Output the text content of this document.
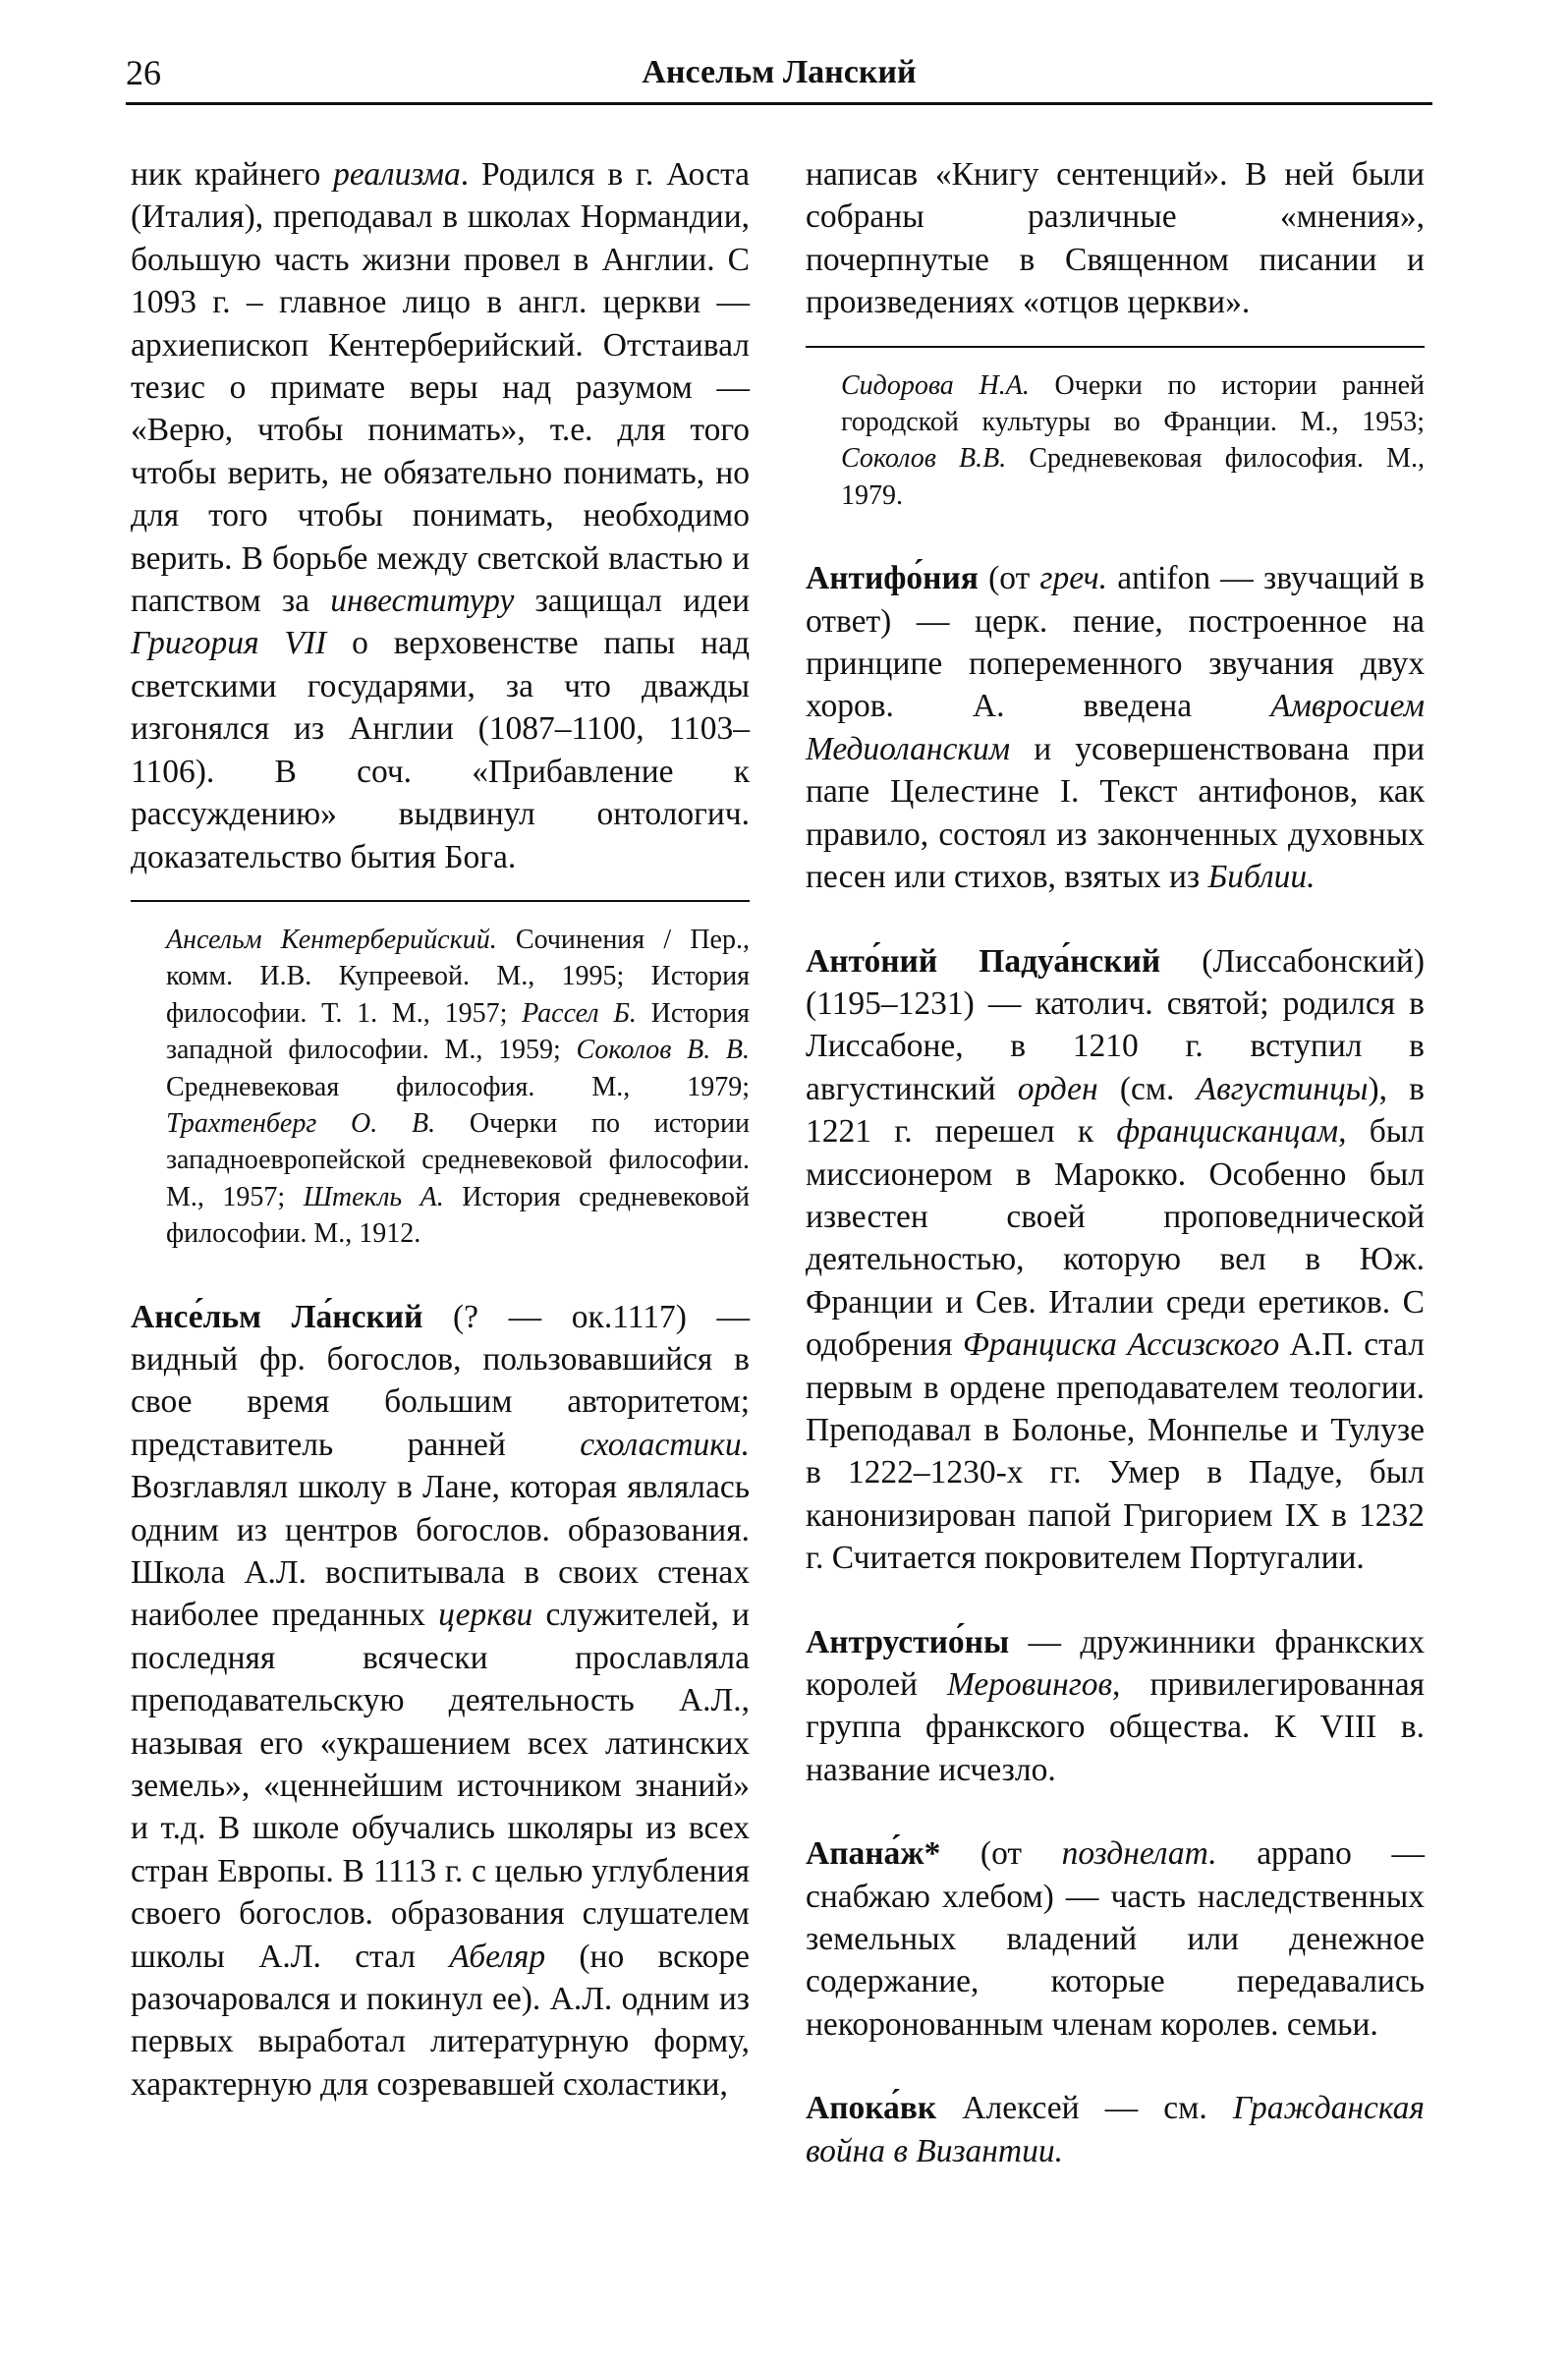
26	Ансельм Ланский

ник крайнего реализма. Родился в г. Аоста (Италия), преподавал в школах Нормандии, большую часть жизни провел в Англии. С 1093 г. – главное лицо в англ. церкви — архиепископ Кентерберийский. Отстаивал тезис о примате веры над разумом — «Верю, чтобы понимать», т.е. для того чтобы верить, не обязательно понимать, но для того чтобы понимать, необходимо верить. В борьбе между светской властью и папством за инвеституру защищал идеи Григория VII о верховенстве папы над светскими государями, за что дважды изгонялся из Англии (1087–1100, 1103–1106). В соч. «Прибавление к рассуждению» выдвинул онтологич. доказательство бытия Бога.

Ансельм Кентерберийский. Сочинения / Пер., комм. И.В. Купреевой. М., 1995; История философии. Т. 1. М., 1957; Рассел Б. История западной философии. М., 1959; Соколов В. В. Средневековая философия. М., 1979; Трахтенберг О. В. Очерки по истории западноевропейской средневековой философии. М., 1957; Штекль А. История средневековой философии. М., 1912.

Ансе́льм Ла́нский (? — ок.1117) — видный фр. богослов, пользовавшийся в свое время большим авторитетом; представитель ранней схоластики. Возглавлял школу в Лане, которая являлась одним из центров богослов. образования. Школа А.Л. воспитывала в своих стенах наиболее преданных церкви служителей, и последняя всячески прославляла преподавательскую деятельность А.Л., называя его «украшением всех латинских земель», «ценнейшим источником знаний» и т.д. В школе обучались школяры из всех стран Европы. В 1113 г. с целью углубления своего богослов. образования слушателем школы А.Л. стал Абеляр (но вскоре разочаровался и покинул ее). А.Л. одним из первых выработал литературную форму, характерную для созревавшей схоластики,

написав «Книгу сентенций». В ней были собраны различные «мнения», почерпнутые в Священном писании и произведениях «отцов церкви».

Сидорова Н.А. Очерки по истории ранней городской культуры во Франции. М., 1953; Соколов В.В. Средневековая философия. М., 1979.

Антифо́ния (от греч. antifon — звучащий в ответ) — церк. пение, построенное на принципе попеременного звучания двух хоров. А. введена Амвросием Медиоланским и усовершенствована при папе Целестине I. Текст антифонов, как правило, состоял из законченных духовных песен или стихов, взятых из Библии.

Анто́ний Падуа́нский (Лиссабонский) (1195–1231) — католич. святой; родился в Лиссабоне, в 1210 г. вступил в августинский орден (см. Августинцы), в 1221 г. перешел к францисканцам, был миссионером в Марокко. Особенно был известен своей проповеднической деятельностью, которую вел в Юж. Франции и Сев. Италии среди еретиков. С одобрения Франциска Ассизского А.П. стал первым в ордене преподавателем теологии. Преподавал в Болонье, Монпелье и Тулузе в 1222–1230-х гг. Умер в Падуе, был канонизирован папой Григорием IX в 1232 г. Считается покровителем Португалии.

Антрустио́ны — дружинники франкских королей Меровингов, привилегированная группа франкского общества. К VIII в. название исчезло.

Апана́ж* (от позднелат. appano — снабжаю хлебом) — часть наследственных земельных владений или денежное содержание, которые передавались некоронованным членам королев. семьи.

Апока́вк Алексей — см. Гражданская война в Византии.
